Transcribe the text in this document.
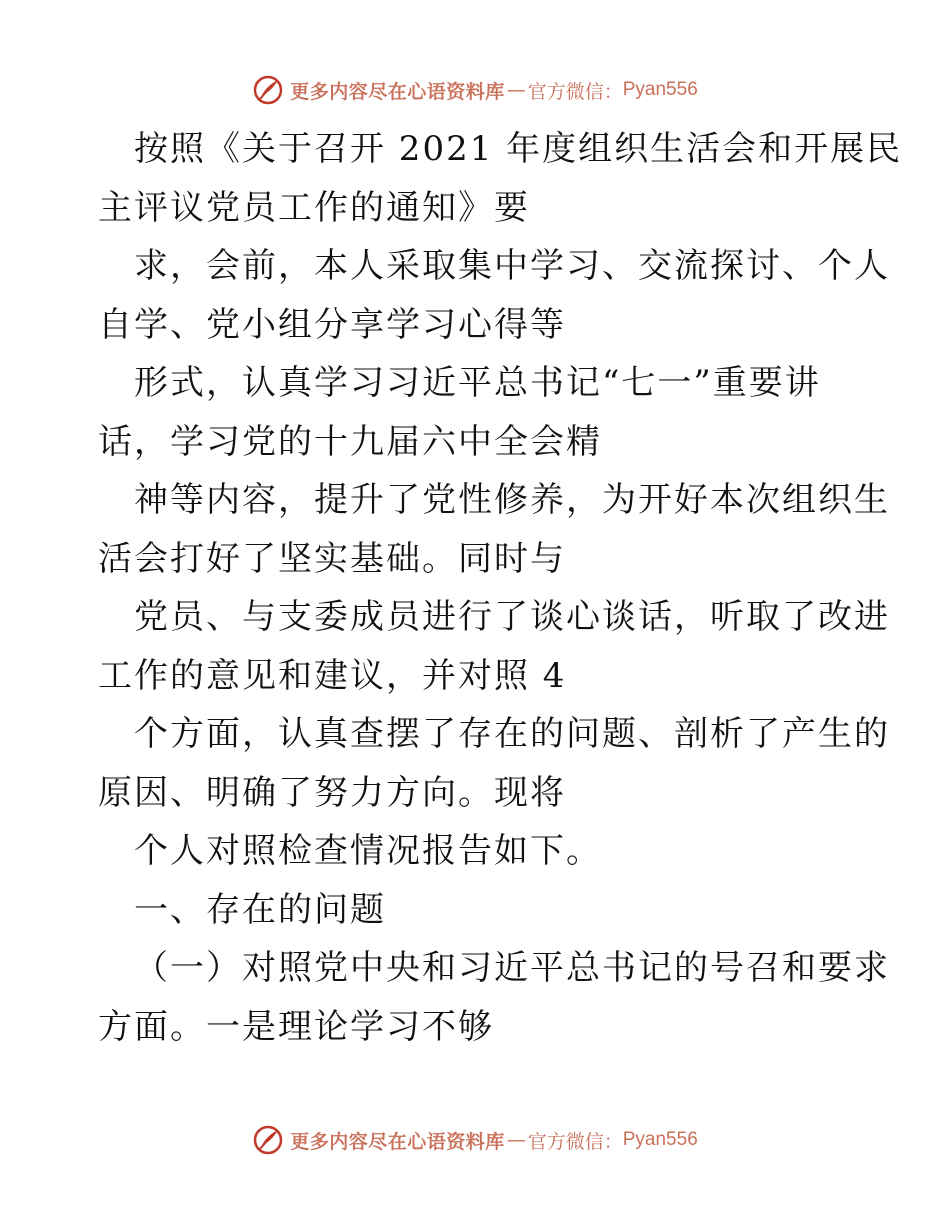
更多内容尽在心语资料库 — 官方微信： Pyan556

按照《关于召开 2021 年度组织生活会和开展民

主评议党员工作的通知》要

求，会前，本人采取集中学习、交流探讨、个人

自学、党小组分享学习心得等

形式，认真学习习近平总书记“七一”重要讲

话，学习党的十九届六中全会精

神等内容，提升了党性修养，为开好本次组织生

活会打好了坚实基础。同时与

党员、与支委成员进行了谈心谈话，听取了改进

工作的意见和建议，并对照 4

个方面，认真查摆了存在的问题、剖析了产生的

原因、明确了努力方向。现将

个人对照检查情况报告如下。

一、存在的问题

（一）对照党中央和习近平总书记的号召和要求

方面。一是理论学习不够

更多内容尽在心语资料库 — 官方微信： Pyan556
